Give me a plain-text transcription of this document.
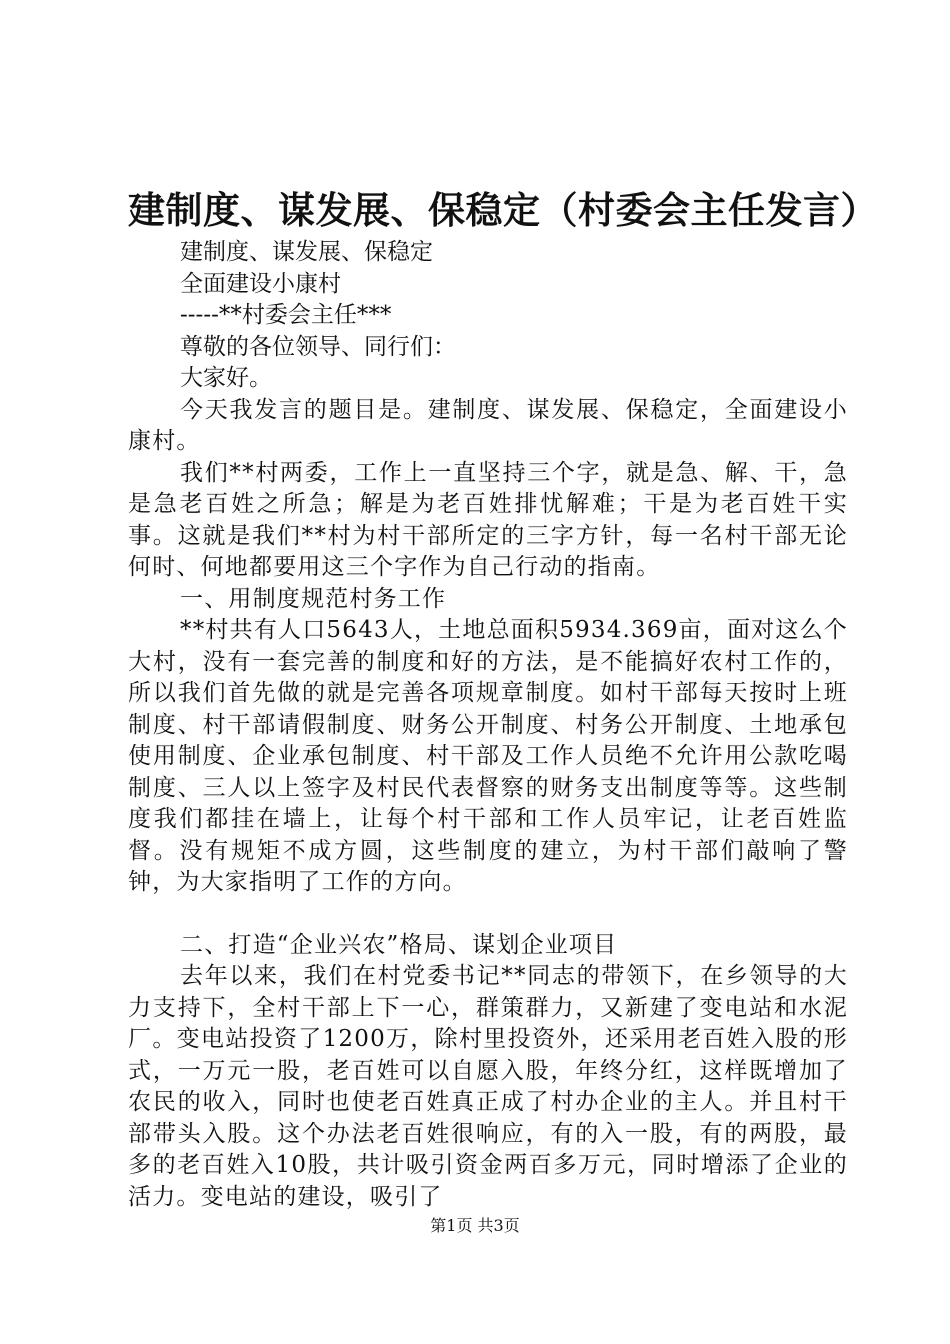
建制度、谋发展、保稳定（村委会主任发言）

建制度、谋发展、保稳定

全面建设小康村

-----**村委会主任***

尊敬的各位领导、同行们：

大家好。

今天我发言的题目是。建制度、谋发展、保稳定，全面建设小康村。

我们**村两委，工作上一直坚持三个字，就是急、解、干，急是急老百姓之所急；解是为老百姓排忧解难；干是为老百姓干实事。这就是我们**村为村干部所定的三字方针，每一名村干部无论何时、何地都要用这三个字作为自己行动的指南。

一、用制度规范村务工作

**村共有人口5643人，土地总面积5934.369亩，面对这么个大村，没有一套完善的制度和好的方法，是不能搞好农村工作的，所以我们首先做的就是完善各项规章制度。如村干部每天按时上班制度、村干部请假制度、财务公开制度、村务公开制度、土地承包使用制度、企业承包制度、村干部及工作人员绝不允许用公款吃喝制度、三人以上签字及村民代表督察的财务支出制度等等。这些制度我们都挂在墙上，让每个村干部和工作人员牢记，让老百姓监督。没有规矩不成方圆，这些制度的建立，为村干部们敲响了警钟，为大家指明了工作的方向。

二、打造“企业兴农”格局、谋划企业项目

去年以来，我们在村党委书记**同志的带领下，在乡领导的大力支持下，全村干部上下一心，群策群力，又新建了变电站和水泥厂。变电站投资了1200万，除村里投资外，还采用老百姓入股的形式，一万元一股，老百姓可以自愿入股，年终分红，这样既增加了农民的收入，同时也使老百姓真正成了村办企业的主人。并且村干部带头入股。这个办法老百姓很响应，有的入一股，有的两股，最多的老百姓入10股，共计吸引资金两百多万元，同时增添了企业的活力。变电站的建设，吸引了

第1页 共3页
